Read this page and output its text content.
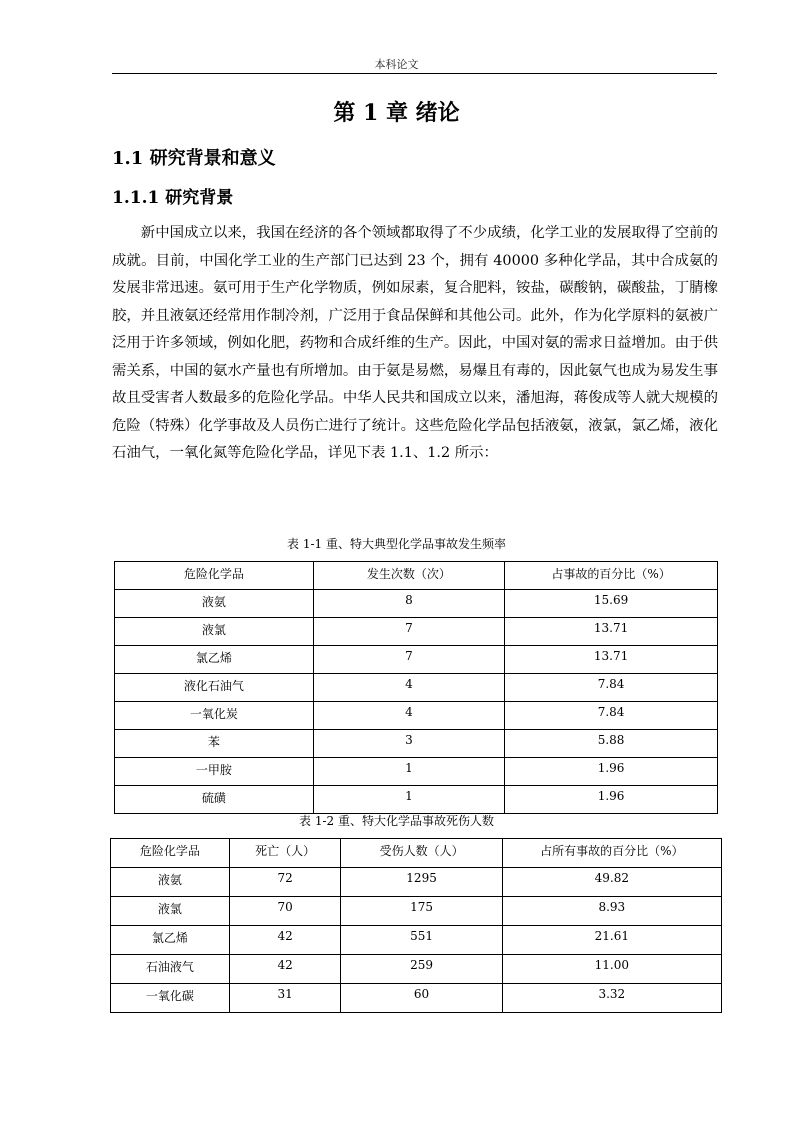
本科论文
第 1 章 绪论
1.1 研究背景和意义
1.1.1 研究背景

新中国成立以来，我国在经济的各个领域都取得了不少成绩，化学工业的发展取得了空前的成就。目前，中国化学工业的生产部门已达到 23 个，拥有 40000 多种化学品，其中合成氨的发展非常迅速。氨可用于生产化学物质，例如尿素，复合肥料，铵盐，碳酸钠，碳酸盐，丁腈橡胶，并且液氨还经常用作制冷剂，广泛用于食品保鲜和其他公司。此外，作为化学原料的氨被广泛用于许多领域，例如化肥，药物和合成纤维的生产。因此，中国对氨的需求日益增加。由于供需关系，中国的氨水产量也有所增加。由于氨是易燃，易爆且有毒的，因此氨气也成为易发生事故且受害者人数最多的危险化学品。中华人民共和国成立以来，潘旭海，蒋俊成等人就大规模的危险（特殊）化学事故及人员伤亡进行了统计。这些危险化学品包括液氨，液氯，氯乙烯，液化石油气，一氧化氮等危险化学品，详见下表 1.1、1.2 所示：

表 1-1 重、特大典型化学品事故发生频率
危险化学品	发生次数（次）	占事故的百分比（%）
液氨	8	15.69
液氯	7	13.71
氯乙烯	7	13.71
液化石油气	4	7.84
一氧化炭	4	7.84
苯	3	5.88
一甲胺	1	1.96
硫磺	1	1.96
表 1-2 重、特大化学品事故死伤人数
危险化学品	死亡（人）	受伤人数（人）	占所有事故的百分比（%）
液氨	72	1295	49.82
液氯	70	175	8.93
氯乙烯	42	551	21.61
石油液气	42	259	11.00
一氧化碳	31	60	3.32
